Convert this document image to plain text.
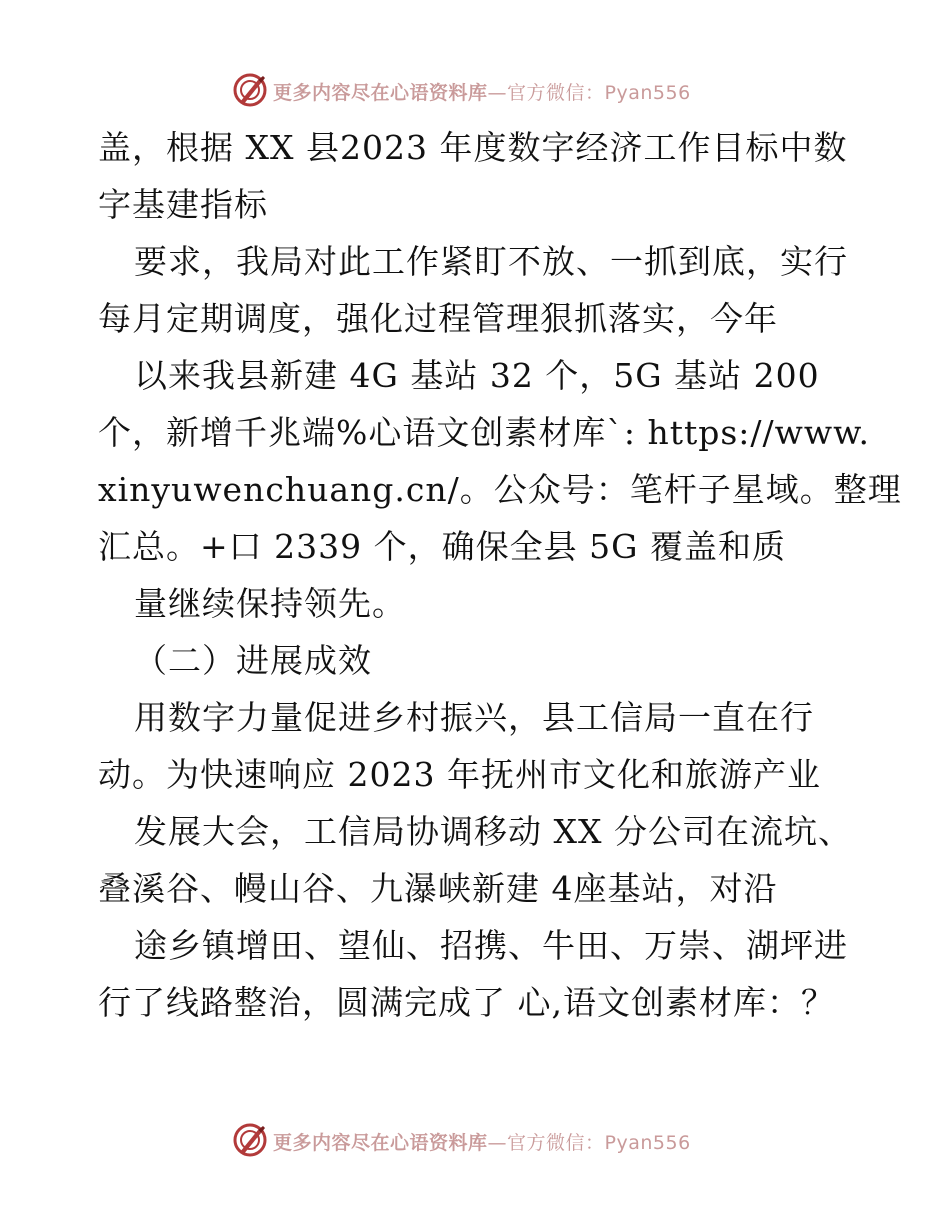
更多内容尽在心语资料库—官方微信：Pyan556
盖，根据 XX 县2023 年度数字经济工作目标中数
字基建指标
要求，我局对此工作紧盯不放、一抓到底，实行
每月定期调度，强化过程管理狠抓落实，今年
以来我县新建 4G 基站 32 个，5G 基站 200
个，新增千兆端%心语文创素材库`: https://www.
xinyuwenchuang.cn/。公众号：笔杆子星域。整理
汇总。+口 2339 个，确保全县 5G 覆盖和质
量继续保持领先。
（二）进展成效
用数字力量促进乡村振兴，县工信局一直在行
动。为快速响应 2023 年抚州市文化和旅游产业
发展大会，工信局协调移动 XX 分公司在流坑、
叠溪谷、幔山谷、九瀑峡新建 4座基站，对沿
途乡镇增田、望仙、招携、牛田、万崇、湖坪进
行了线路整治，圆满完成了 心,语文创素材库：？
更多内容尽在心语资料库—官方微信：Pyan556
